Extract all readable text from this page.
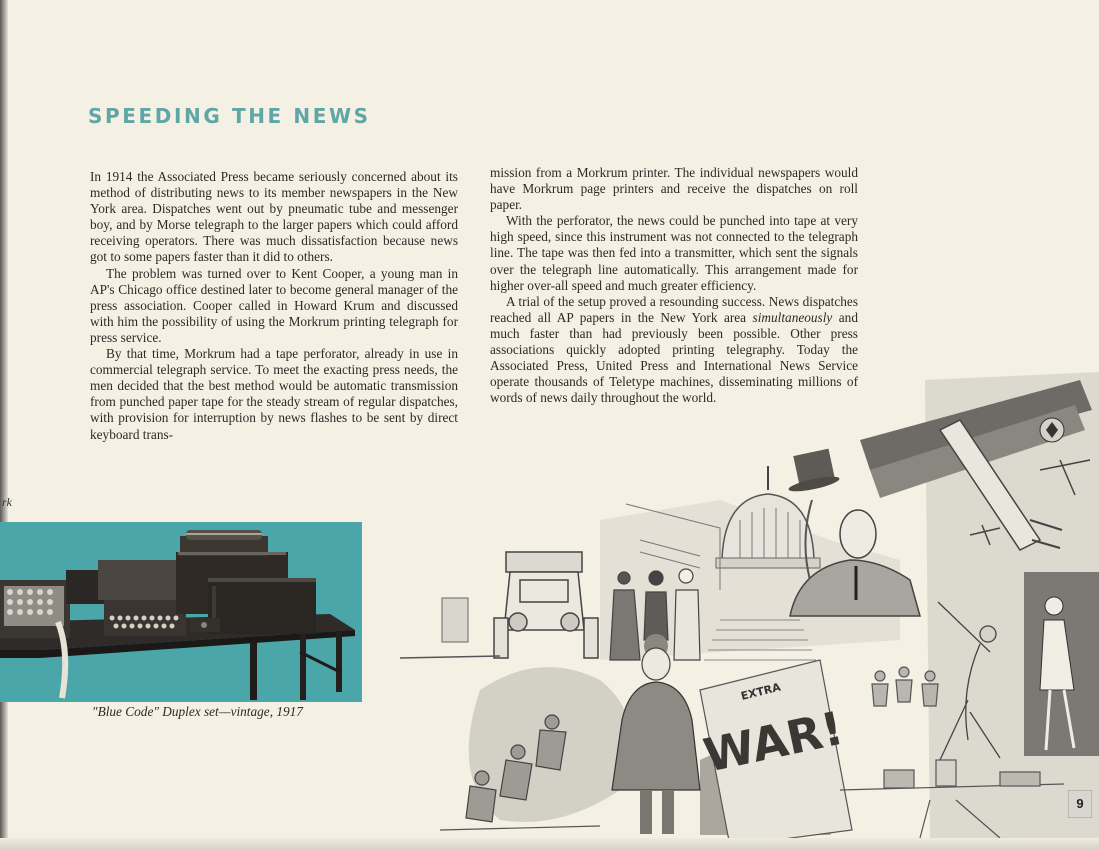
rk
SPEEDING THE NEWS

In 1914 the Associated Press became seriously concerned about its method of distributing news to its member newspapers in the New York area. Dispatches went out by pneumatic tube and messenger boy, and by Morse telegraph to the larger papers which could afford receiving operators. There was much dissatisfaction because news got to some papers faster than it did to others.

The problem was turned over to Kent Cooper, a young man in AP's Chicago office destined later to become general manager of the press association. Cooper called in Howard Krum and discussed with him the possibility of using the Morkrum printing telegraph for press service.

By that time, Morkrum had a tape perforator, already in use in commercial telegraph service. To meet the exacting press needs, the men decided that the best method would be automatic transmission from punched paper tape for the steady stream of regular dispatches, with provision for interruption by news flashes to be sent by direct keyboard trans-

mission from a Morkrum printer. The individual newspapers would have Morkrum page printers and receive the dispatches on roll paper.

With the perforator, the news could be punched into tape at very high speed, since this instrument was not connected to the telegraph line. The tape was then fed into a transmitter, which sent the signals over the telegraph line automatically. This arrangement made for higher over-all speed and much greater efficiency.

A trial of the setup proved a resounding success. News dispatches reached all AP papers in the New York area simultaneously and much faster than had previously been possible. Other press associations quickly adopted printing telegraphy. Today the Associated Press, United Press and International News Service operate thousands of Teletype machines, disseminating millions of words of news daily throughout the world.

"Blue Code" Duplex set—vintage, 1917
EXTRA
WAR!
9
